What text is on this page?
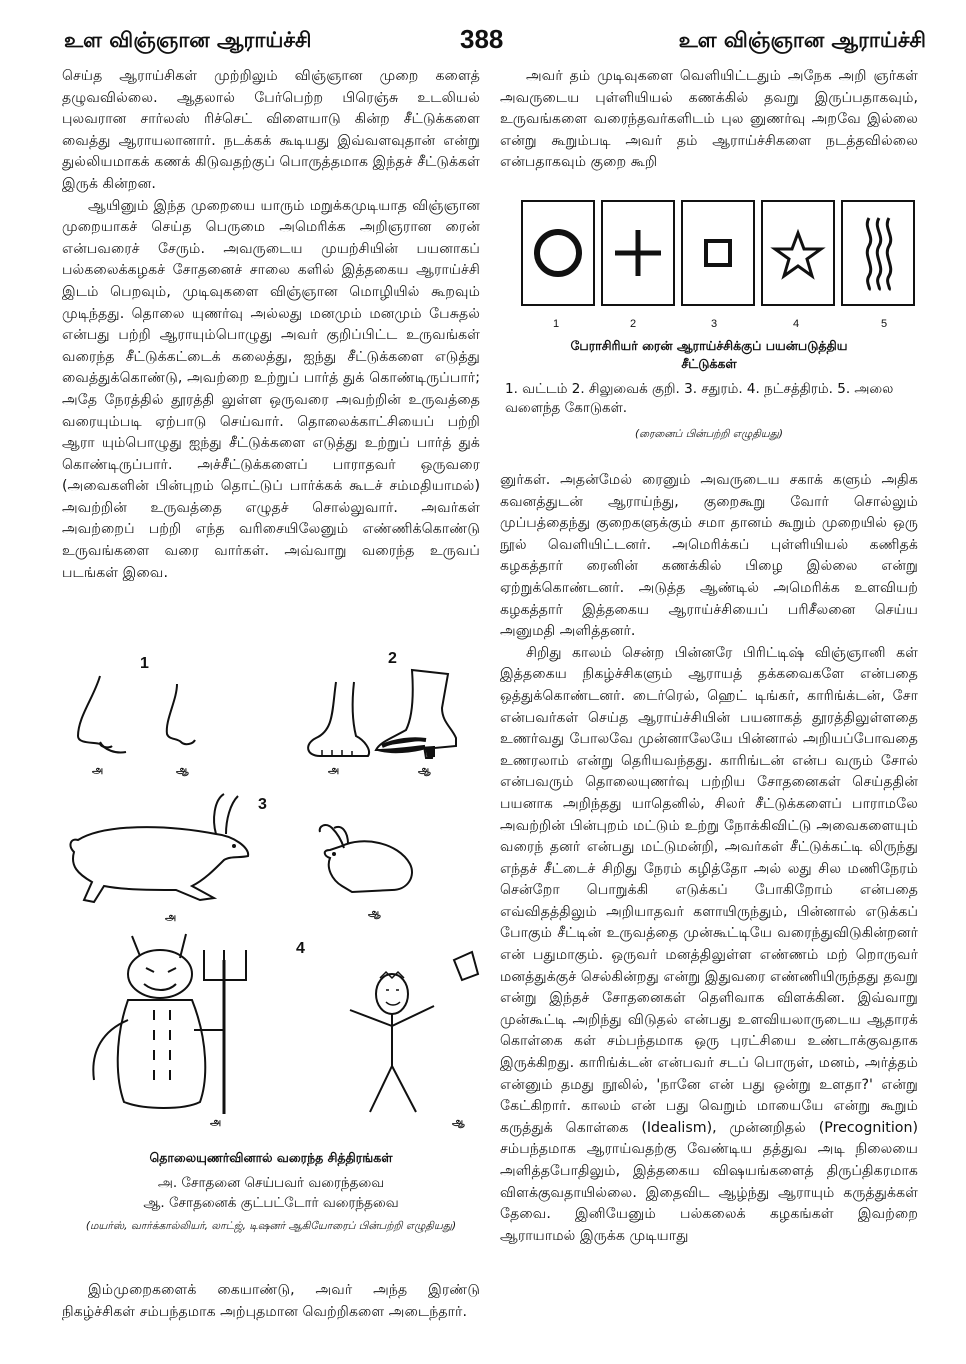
உள விஞ்ஞான ஆராய்ச்சி	388	உள விஞ்ஞான ஆராய்ச்சி

செய்த ஆராய்சிகள் முற்றிலும் விஞ்ஞான முறை களைத் தழுவவில்லை. ஆதலால் பேர்பெற்ற பிரெஞ்சு உடலியல் புலவரான சார்லஸ் ரிச்செட் விளையாடு கின்ற சீட்டுக்களை வைத்து ஆராயலானார். நடக்கக் கூடியது இவ்வளவுதான் என்று துல்லியமாகக் கணக் கிடுவதற்குப் பொருத்தமாக இந்தச் சீட்டுக்கள் இருக் கின்றன.

ஆயினும் இந்த முறையை யாரும் மறுக்கமுடியாத விஞ்ஞான முறையாகச் செய்த பெருமை அமெரிக்க அறிஞரான ரைன் என்பவரைச் சேரும். அவருடைய முயற்சியின் பயனாகப் பல்கலைக்கழகச் சோதனைச் சாலை களில் இத்தகைய ஆராய்ச்சி இடம் பெறவும், முடிவுகளை விஞ்ஞான மொழியில் கூறவும் முடிந்தது. தொலை யுணர்வு அல்லது மனமும் மனமும் பேசுதல் என்பது பற்றி ஆராயும்பொழுது அவர் குறிப்பிட்ட உருவங்கள் வரைந்த சீட்டுக்கட்டைக் கலைத்து, ஐந்து சீட்டுக்களை எடுத்து வைத்துக்கொண்டு, அவற்றை உற்றுப் பார்த் துக் கொண்டிருப்பார்; அதே நேரத்தில் தூரத்தி லுள்ள ஒருவரை அவற்றின் உருவத்தை வரையும்படி ஏற்பாடு செய்வார். தொலைக்காட்சியைப் பற்றி ஆரா யும்பொழுது ஐந்து சீட்டுக்களை எடுத்து உற்றுப் பார்த் துக் கொண்டிருப்பார். அச்சீட்டுக்களைப் பாராதவர் ஒருவரை (அவைகளின் பின்புறம் தொட்டுப் பார்க்கக் கூடச் சம்மதியாமல்) அவற்றின் உருவத்தை எழுதச் சொல்லுவார். அவர்கள் அவற்றைப் பற்றி எந்த வரிசையிலேனும் எண்ணிக்கொண்டு உருவங்களை வரை வார்கள். அவ்வாறு வரைந்த உருவப் படங்கள் இவை.

1	2
3
4
அ	ஆ	அ	ஆ
அ	ஆ
அ	ஆ
தொலையுணர்வினால் வரைந்த சித்திரங்கள்
அ. சோதனை செய்பவர் வரைந்தவை
ஆ. சோதனைக் குட்பட்டோர் வரைந்தவை
(மயர்ஸ், வார்க்கால்லியர், லாட்ஜ், டிஷனர் ஆகியோரைப் பின்பற்றி எழுதியது)

இம்முறைகளைக் கையாண்டு, அவர் அந்த இரண்டு நிகழ்ச்சிகள் சம்பந்தமாக அற்புதமான வெற்றிகளை அடைந்தார்.

அவர் தம் முடிவுகளை வெளியிட்டதும் அநேக அறி ஞர்கள் அவருடைய புள்ளியியல் கணக்கில் தவறு இருப்பதாகவும், உருவங்களை வரைந்தவர்களிடம் புல னுணர்வு அறவே இல்லை என்று கூறும்படி அவர் தம் ஆராய்ச்சிகளை நடத்தவில்லை என்பதாகவும் குறை கூறி

1	2	3	4	5
பேராசிரியர் ரைன் ஆராய்ச்சிக்குப் பயன்படுத்திய
சீட்டுக்கள்
1. வட்டம் 2. சிலுவைக் குறி. 3. சதுரம். 4. நட்சத்திரம். 5. அலை வளைந்த கோடுகள்.
(ரைனைப் பின்பற்றி எழுதியது)

னுர்கள். அதன்மேல் ரைனும் அவருடைய சகாக் களும் அதிக கவனத்துடன் ஆராய்ந்து, குறைகூறு வோர் சொல்லும் முப்பத்தைந்து குறைகளுக்கும் சமா தானம் கூறும் முறையில் ஒரு நூல் வெளியிட்டனர். அமெரிக்கப் புள்ளியியல் கணிதக் கழகத்தார் ரைனின் கணக்கில் பிழை இல்லை என்று ஏற்றுக்கொண்டனர். அடுத்த ஆண்டில் அமெரிக்க உளவியற் கழகத்தார் இத்தகைய ஆராய்ச்சியைப் பரிசீலனை செய்ய அனுமதி அளித்தனர்.

சிறிது காலம் சென்ற பின்னரே பிரிட்டிஷ் விஞ்ஞானி கள் இத்தகைய நிகழ்ச்சிகளும் ஆராயத் தக்கவைகளே என்பதை ஒத்துக்கொண்டனர். டைர்ரெல், ஹெட் டிங்கர், காரிங்க்டன், சோ என்பவர்கள் செய்த ஆராய்ச்சியின் பயனாகத் தூரத்திலுள்ளதை உணர்வது போலவே முன்னாலேயே பின்னால் அறியப்போவதை உணரலாம் என்று தெரியவந்தது. காரிங்டன் என்ப வரும் சோல் என்பவரும் தொலையுணர்வு பற்றிய சோதனைகள் செய்ததின் பயனாக அறிந்தது யாதெனில், சிலர் சீட்டுக்களைப் பாராமலே அவற்றின் பின்புறம் மட்டும் உற்று நோக்கிவிட்டு அவைகளையும் வரைந் தனர் என்பது மட்டுமன்றி, அவர்கள் சீட்டுக்கட்டி லிருந்து எந்தச் சீட்டைச் சிறிது நேரம் கழித்தோ அல் லது சில மணிநேரம் சென்றோ பொறுக்கி எடுக்கப் போகிறோம் என்பதை எவ்விதத்திலும் அறியாதவர் களாயிருந்தும், பின்னால் எடுக்கப் போகும் சீட்டின் உருவத்தை முன்கூட்டியே வரைந்துவிடுகின்றனர் என் பதுமாகும். ஒருவர் மனத்திலுள்ள எண்ணம் மற் றொருவர் மனத்துக்குச் செல்கின்றது என்று இதுவரை எண்ணியிருந்தது தவறு என்று இந்தச் சோதனைகள் தெளிவாக விளக்கின. இவ்வாறு முன்கூட்டி அறிந்து விடுதல் என்பது உளவியலாருடைய ஆதாரக் கொள்கை கள் சம்பந்தமாக ஒரு புரட்சியை உண்டாக்குவதாக இருக்கிறது. காரிங்க்டன் என்பவர் சடப் பொருள், மனம், அர்த்தம் என்னும் தமது நூலில், 'நானே என் பது ஒன்று உளதா?' என்று கேட்கிறார். காலம் என் பது வெறும் மாயையே என்று கூறும் கருத்துக் கொள்கை (Idealism), முன்னறிதல் (Precognition) சம்பந்தமாக ஆராய்வதற்கு வேண்டிய தத்துவ அடி நிலையை அளித்தபோதிலும், இத்தகைய விஷயங்களைத் திருப்திகரமாக விளக்குவதாயில்லை. இதைவிட ஆழ்ந்து ஆராயும் கருத்துக்கள் தேவை. இனியேனும் பல்கலைக் கழகங்கள் இவற்றை ஆராயாமல் இருக்க முடியாது
